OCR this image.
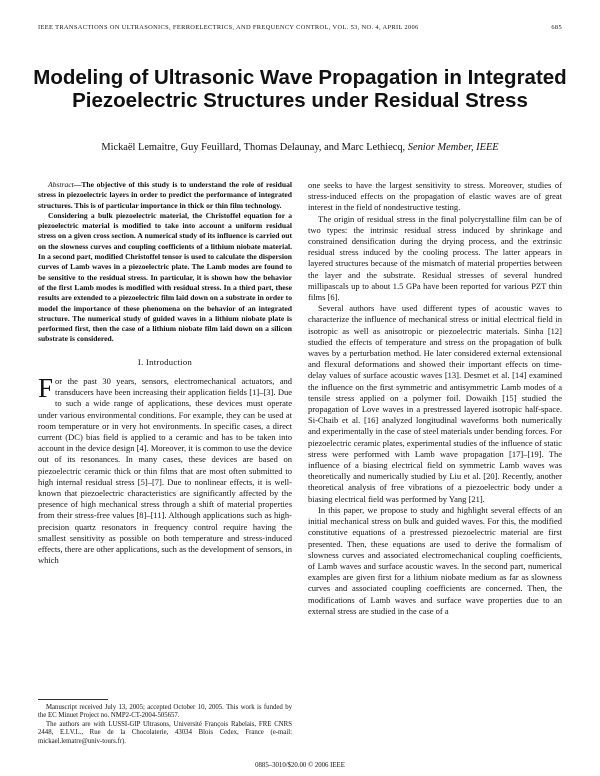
IEEE TRANSACTIONS ON ULTRASONICS, FERROELECTRICS, AND FREQUENCY CONTROL, VOL. 53, NO. 4, APRIL 2006	685
Modeling of Ultrasonic Wave Propagation in Integrated Piezoelectric Structures under Residual Stress
Mickaël Lemaitre, Guy Feuillard, Thomas Delaunay, and Marc Lethiecq, Senior Member, IEEE

Abstract—The objective of this study is to understand the role of residual stress in piezoelectric layers in order to predict the performance of integrated structures. This is of particular importance in thick or thin film technology.

Considering a bulk piezoelectric material, the Christoffel equation for a piezoelectric material is modified to take into account a uniform residual stress on a given cross section. A numerical study of its influence is carried out on the slowness curves and coupling coefficients of a lithium niobate material. In a second part, modified Christoffel tensor is used to calculate the dispersion curves of Lamb waves in a piezoelectric plate. The Lamb modes are found to be sensitive to the residual stress. In particular, it is shown how the behavior of the first Lamb modes is modified with residual stress. In a third part, these results are extended to a piezoelectric film laid down on a substrate in order to model the importance of these phenomena on the behavior of an integrated structure. The numerical study of guided waves in a lithium niobate plate is performed first, then the case of a lithium niobate film laid down on a silicon substrate is considered.

I. Introduction

For the past 30 years, sensors, electromechanical actuators, and transducers have been increasing their application fields [1]–[3]. Due to such a wide range of applications, these devices must operate under various environmental conditions. For example, they can be used at room temperature or in very hot environments. In specific cases, a direct current (DC) bias field is applied to a ceramic and has to be taken into account in the device design [4]. Moreover, it is common to use the device out of its resonances. In many cases, these devices are based on piezoelectric ceramic thick or thin films that are most often submitted to high internal residual stress [5]–[7]. Due to nonlinear effects, it is well-known that piezoelectric characteristics are significantly affected by the presence of high mechanical stress through a shift of material properties from their stress-free values [8]–[11]. Although applications such as high-precision quartz resonators in frequency control require having the smallest sensitivity as possible on both temperature and stress-induced effects, there are other applications, such as the development of sensors, in which

one seeks to have the largest sensitivity to stress. Moreover, studies of stress-induced effects on the propagation of elastic waves are of great interest in the field of nondestructive testing.

The origin of residual stress in the final polycrystalline film can be of two types: the intrinsic residual stress induced by shrinkage and constrained densification during the drying process, and the extrinsic residual stress induced by the cooling process. The latter appears in layered structures because of the mismatch of material properties between the layer and the substrate. Residual stresses of several hundred millipascals up to about 1.5 GPa have been reported for various PZT thin films [6].

Several authors have used different types of acoustic waves to characterize the influence of mechanical stress or initial electrical field in isotropic as well as anisotropic or piezoelectric materials. Sinha [12] studied the effects of temperature and stress on the propagation of bulk waves by a perturbation method. He later considered external extensional and flexural deformations and showed their important effects on time-delay values of surface acoustic waves [13]. Desmet et al. [14] examined the influence on the first symmetric and antisymmetric Lamb modes of a tensile stress applied on a polymer foil. Dowaikh [15] studied the propagation of Love waves in a prestressed layered isotropic half-space. Si-Chaib et al. [16] analyzed longitudinal waveforms both numerically and experimentally in the case of steel materials under bending forces. For piezoelectric ceramic plates, experimental studies of the influence of static stress were performed with Lamb wave propagation [17]–[19]. The influence of a biasing electrical field on symmetric Lamb waves was theoretically and numerically studied by Liu et al. [20]. Recently, another theoretical analysis of free vibrations of a piezoelectric body under a biasing electrical field was performed by Yang [21].

In this paper, we propose to study and highlight several effects of an initial mechanical stress on bulk and guided waves. For this, the modified constitutive equations of a prestressed piezoelectric material are first presented. Then, these equations are used to derive the formalism of slowness curves and associated electromechanical coupling coefficients, of Lamb waves and surface acoustic waves. In the second part, numerical examples are given first for a lithium niobate medium as far as slowness curves and associated coupling coefficients are concerned. Then, the modifications of Lamb waves and surface wave properties due to an external stress are studied in the case of a

Manuscript received July 13, 2005; accepted October 10, 2005. This work is funded by the EC Minuet Project no. NMP2-CT-2004-505657.

The authors are with LUSSI-GIP Ultrasons, Université François Rabelais, FRE CNRS 2448, E.I.V.L., Rue de la Chocolaterie, 43034 Blois Cedex, France (e-mail: mickael.lematre@univ-tours.fr).

0885–3010/$20.00 © 2006 IEEE
